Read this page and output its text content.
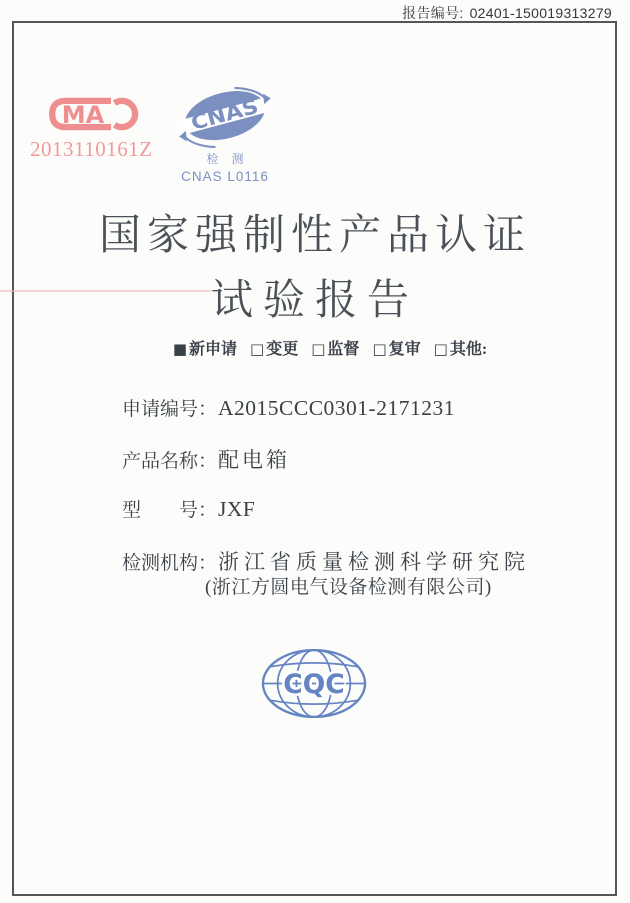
报告编号: 02401-150019313279
MA
2013110161Z
CNAS
检 测
CNAS L0116
国家强制性产品认证
试验报告
■ 新申请 □ 变更 □ 监督 □ 复审 □ 其他:
申请编号：A2015CCC0301-2171231
产品名称：配电箱
型 号： JXF
检测机构：浙江省质量检测科学研究院
(浙江方圆电气设备检测有限公司)
CQC
